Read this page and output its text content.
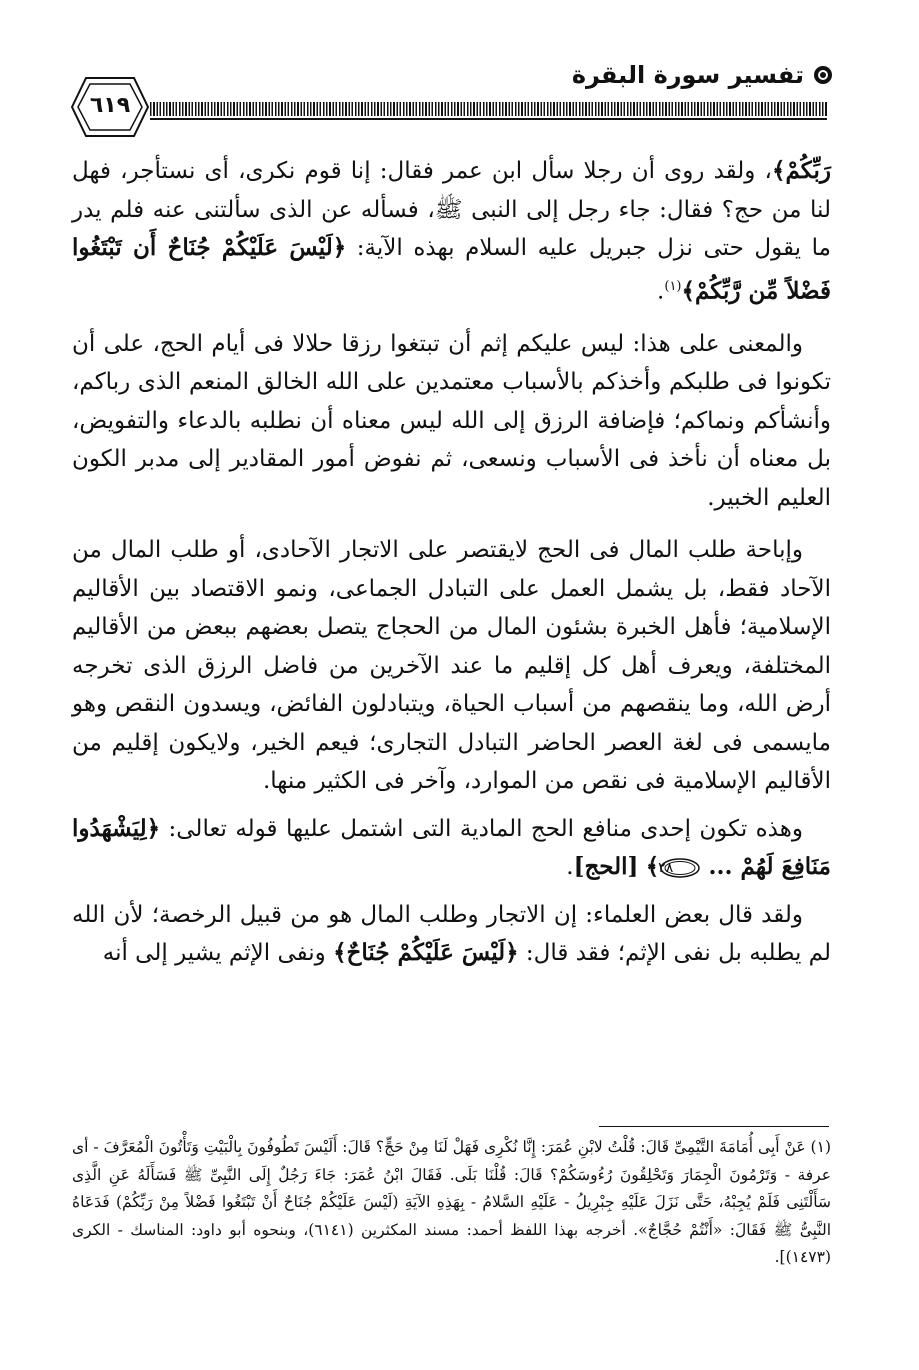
تفسير سورة البقرة
٦١٩

رَبِّكُمْ﴾، ولقد روى أن رجلا سأل ابن عمر فقال: إنا قوم نكرى، أى نستأجر، فهل لنا من حج؟ فقال: جاء رجل إلى النبى ﷺ، فسأله عن الذى سألتنى عنه فلم يدر ما يقول حتى نزل جبريل عليه السلام بهذه الآية: ﴿لَيْسَ عَلَيْكُمْ جُنَاحٌ أَن تَبْتَغُوا فَضْلاً مِّن رَّبِّكُمْ﴾$^{(١)}$.

والمعنى على هذا: ليس عليكم إثم أن تبتغوا رزقا حلالا فى أيام الحج، على أن تكونوا فى طلبكم وأخذكم بالأسباب معتمدين على الله الخالق المنعم الذى رباكم، وأنشأكم ونماكم؛ فإضافة الرزق إلى الله ليس معناه أن نطلبه بالدعاء والتفويض، بل معناه أن نأخذ فى الأسباب ونسعى، ثم نفوض أمور المقادير إلى مدبر الكون العليم الخبير.

وإباحة طلب المال فى الحج لايقتصر على الاتجار الآحادى، أو طلب المال من الآحاد فقط، بل يشمل العمل على التبادل الجماعى، ونمو الاقتصاد بين الأقاليم الإسلامية؛ فأهل الخبرة بشئون المال من الحجاج يتصل بعضهم ببعض من الأقاليم المختلفة، ويعرف أهل كل إقليم ما عند الآخرين من فاضل الرزق الذى تخرجه أرض الله، وما ينقصهم من أسباب الحياة، ويتبادلون الفائض، ويسدون النقص وهو مايسمى فى لغة العصر الحاضر التبادل التجارى؛ فيعم الخير، ولايكون إقليم من الأقاليم الإسلامية فى نقص من الموارد، وآخر فى الكثير منها.

وهذه تكون إحدى منافع الحج المادية التى اشتمل عليها قوله تعالى: ﴿لِيَشْهَدُوا مَنَافِعَ لَهُمْ ...
٢٨
﴾ [الحج].

ولقد قال بعض العلماء: إن الاتجار وطلب المال هو من قبيل الرخصة؛ لأن الله لم يطلبه بل نفى الإثم؛ فقد قال: ﴿لَيْسَ عَلَيْكُمْ جُنَاحٌ﴾ ونفى الإثم يشير إلى أنه

(١) عَنْ أَبِى أُمَامَةَ التَّيْمِىِّ قَالَ: قُلْتُ لابْنِ عُمَرَ: إِنَّا نُكْرِى فَهَلْ لَنَا مِنْ حَجٍّ؟ قَالَ: أَلَيْسَ تَطُوفُونَ بِالْبَيْتِ وَتَأْتُونَ الْمُعَرَّفَ - أى عرفة - وَتَرْمُونَ الْجِمَارَ وَتَحْلِقُونَ رُءُوسَكُمْ؟ قَالَ: قُلْنَا بَلَى. فَقَالَ ابْنُ عُمَرَ: جَاءَ رَجُلٌ إِلَى النَّبِىِّ ﷺ فَسَأَلَهُ عَنِ الَّذِى سَأَلْتَنِى فَلَمْ يُجِبْهُ، حَتَّى نَزَلَ عَلَيْهِ جِبْرِيلُ - عَلَيْهِ السَّلامُ - بِهَذِهِ الآيَةِ (لَيْسَ عَلَيْكُمْ جُنَاحٌ أَنْ تَبْتَغُوا فَضْلاً مِنْ رَبِّكُمْ) فَدَعَاهُ النَّبِىُّ ﷺ فَقَالَ: «أَنْتُمْ حُجَّاجٌ». أخرجه بهذا اللفظ أحمد: مسند المكثرين (٦١٤١)، وبنحوه أبو داود: المناسك - الكرى (١٤٧٣)].
